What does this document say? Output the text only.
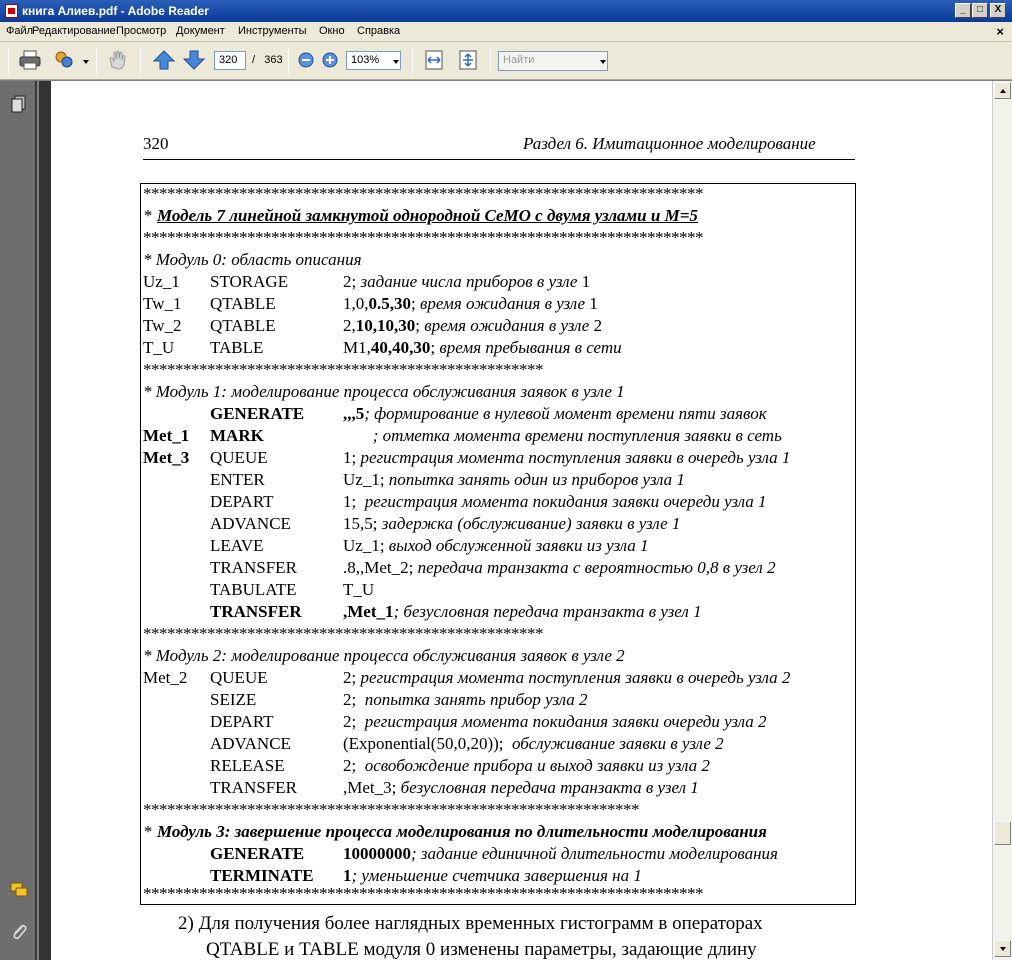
книга Алиев.pdf - Adobe Reader	_	□	X
Файл
Редактирование Просмотр Документ Инструменты Окно Справка	×
320	/ 363	103%	Найти
320	Раздел 6. Имитационное моделирование
**********************************************************************
* Модель 7 линейной замкнутой однородной СеМО с двумя узлами и М=5
**********************************************************************
* Модуль 0: область описания
Uz_1 STORAGE	2; задание числа приборов в узле 1
Tw_1 QTABLE	1,0,0.5,30; время ожидания в узле 1
Tw_2 QTABLE	2,10,10,30; время ожидания в узле 2
T_U TABLE	M1,40,40,30; время пребывания в сети
**************************************************
* Модуль 1: моделирование процесса обслуживания заявок в узле 1
GENERATE ,,,5; формирование в нулевой момент времени пяти заявок
Met_1 MARK	; отметка момента времени поступления заявки в сеть
Met_3 QUEUE	1; регистрация момента поступления заявки в очередь узла 1
ENTER	Uz_1; попытка занять один из приборов узла 1
DEPART	1;  регистрация момента покидания заявки очереди узла 1
ADVANCE	15,5; задержка (обслуживание) заявки в узле 1
LEAVE	Uz_1; выход обслуженной заявки из узла 1
TRANSFER	.8,,Met_2; передача транзакта с вероятностью 0,8 в узел 2
TABULATE	T_U
TRANSFER ,Met_1; безусловная передача транзакта в узел 1
**************************************************
* Модуль 2: моделирование процесса обслуживания заявок в узле 2
Met_2 QUEUE	2; регистрация момента поступления заявки в очередь узла 2
SEIZE	2;  попытка занять прибор узла 2
DEPART	2;  регистрация момента покидания заявки очереди узла 2
ADVANCE	(Exponential(50,0,20));  обслуживание заявки в узле 2
RELEASE	2;  освобождение прибора и выход заявки из узла 2
TRANSFER	,Met_3; безусловная передача транзакта в узел 1
**************************************************************
* Модуль 3: завершение процесса моделирования по длительности моделирования
GENERATE 10000000; задание единичной длительности моделирования
TERMINATE 1; уменьшение счетчика завершения на 1
**********************************************************************
2) Для получения более наглядных временных гистограмм в операторах
QTABLE и TABLE модуля 0 изменены параметры, задающие длину
